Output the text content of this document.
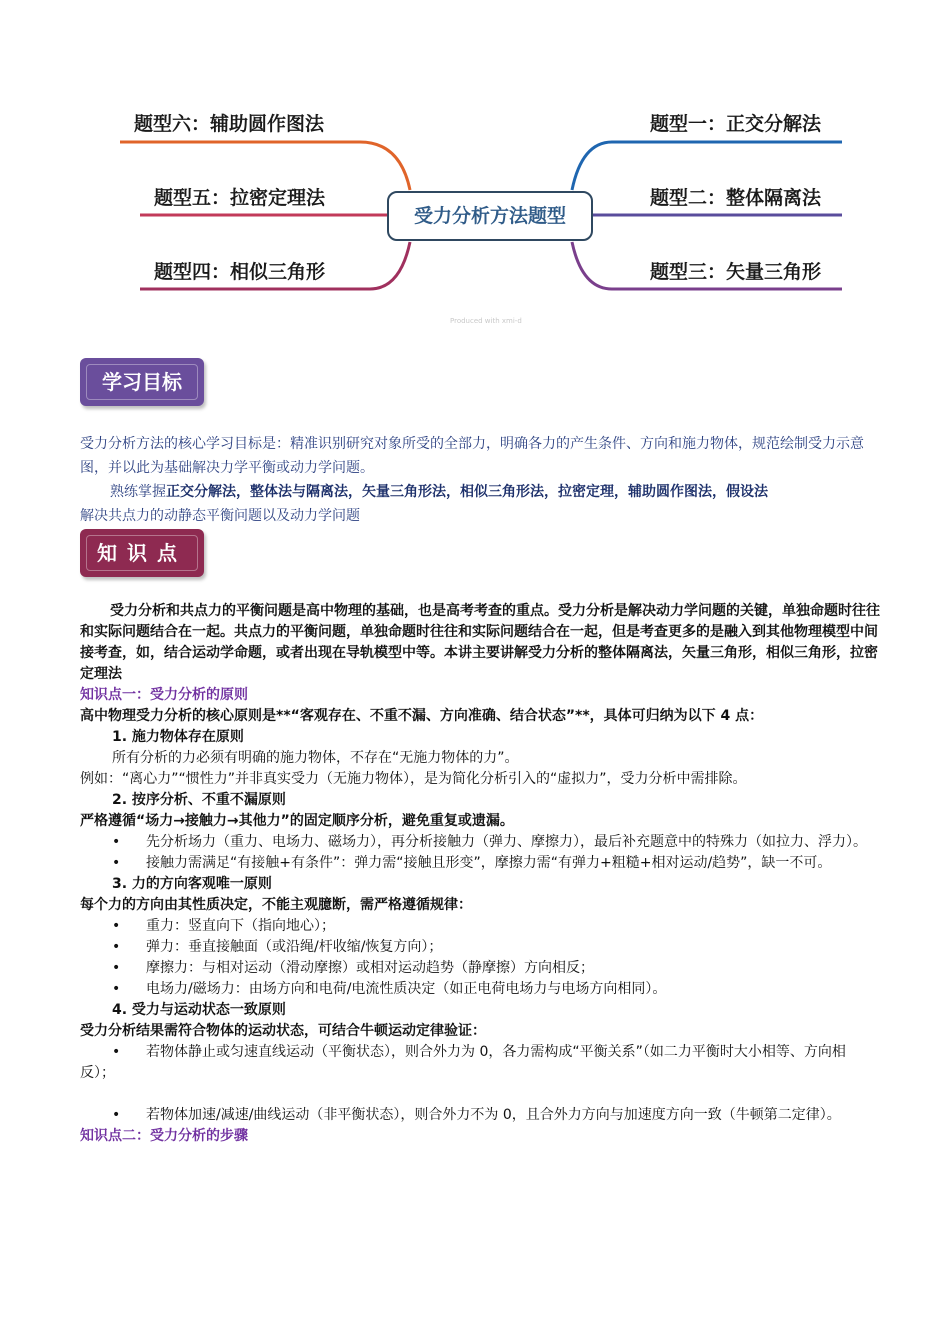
题型六：辅助圆作图法
题型五：拉密定理法
题型四：相似三角形
题型一：正交分解法
题型二：整体隔离法
题型三：矢量三角形
受力分析方法题型
Produced with xmi-d
学习目标

受力分析方法的核心学习目标是：精准识别研究对象所受的全部力，明确各力的产生条件、方向和施力物体，规范绘制受力示意图，并以此为基础解决力学平衡或动力学问题。

熟练掌握正交分解法，整体法与隔离法，矢量三角形法，相似三角形法，拉密定理，辅助圆作图法，假设法
解决共点力的动静态平衡问题以及动力学问题

知识点

受力分析和共点力的平衡问题是高中物理的基础，也是高考考查的重点。受力分析是解决动力学问题的关键，单独命题时往往和实际问题结合在一起。共点力的平衡问题，单独命题时往往和实际问题结合在一起，但是考查更多的是融入到其他物理模型中间接考查，如，结合运动学命题，或者出现在导轨模型中等。本讲主要讲解受力分析的整体隔离法，矢量三角形，相似三角形，拉密定理法

知识点一：受力分析的原则

高中物理受力分析的核心原则是**“客观存在、不重不漏、方向准确、结合状态”**，具体可归纳为以下 4 点：

1. 施力物体存在原则

所有分析的力必须有明确的施力物体，不存在“无施力物体的力”。

例如：“离心力”“惯性力”并非真实受力（无施力物体），是为简化分析引入的“虚拟力”，受力分析中需排除。

2. 按序分析、不重不漏原则

严格遵循“场力→接触力→其他力”的固定顺序分析，避免重复或遗漏。

• 先分析场力（重力、电场力、磁场力），再分析接触力（弹力、摩擦力），最后补充题意中的特殊力（如拉力、浮力）。

• 接触力需满足“有接触+有条件”：弹力需“接触且形变”，摩擦力需“有弹力+粗糙+相对运动/趋势”，缺一不可。

3. 力的方向客观唯一原则

每个力的方向由其性质决定，不能主观臆断，需严格遵循规律：

• 重力：竖直向下（指向地心）；

• 弹力：垂直接触面（或沿绳/杆收缩/恢复方向）；

• 摩擦力：与相对运动（滑动摩擦）或相对运动趋势（静摩擦）方向相反；

• 电场力/磁场力：由场方向和电荷/电流性质决定（如正电荷电场力与电场方向相同）。

4. 受力与运动状态一致原则

受力分析结果需符合物体的运动状态，可结合牛顿运动定律验证：

• 若物体静止或匀速直线运动（平衡状态），则合外力为 0，各力需构成“平衡关系”（如二力平衡时大小相等、方向相反）；

• 若物体加速/减速/曲线运动（非平衡状态），则合外力不为 0，且合外力方向与加速度方向一致（牛顿第二定律）。

知识点二：受力分析的步骤
